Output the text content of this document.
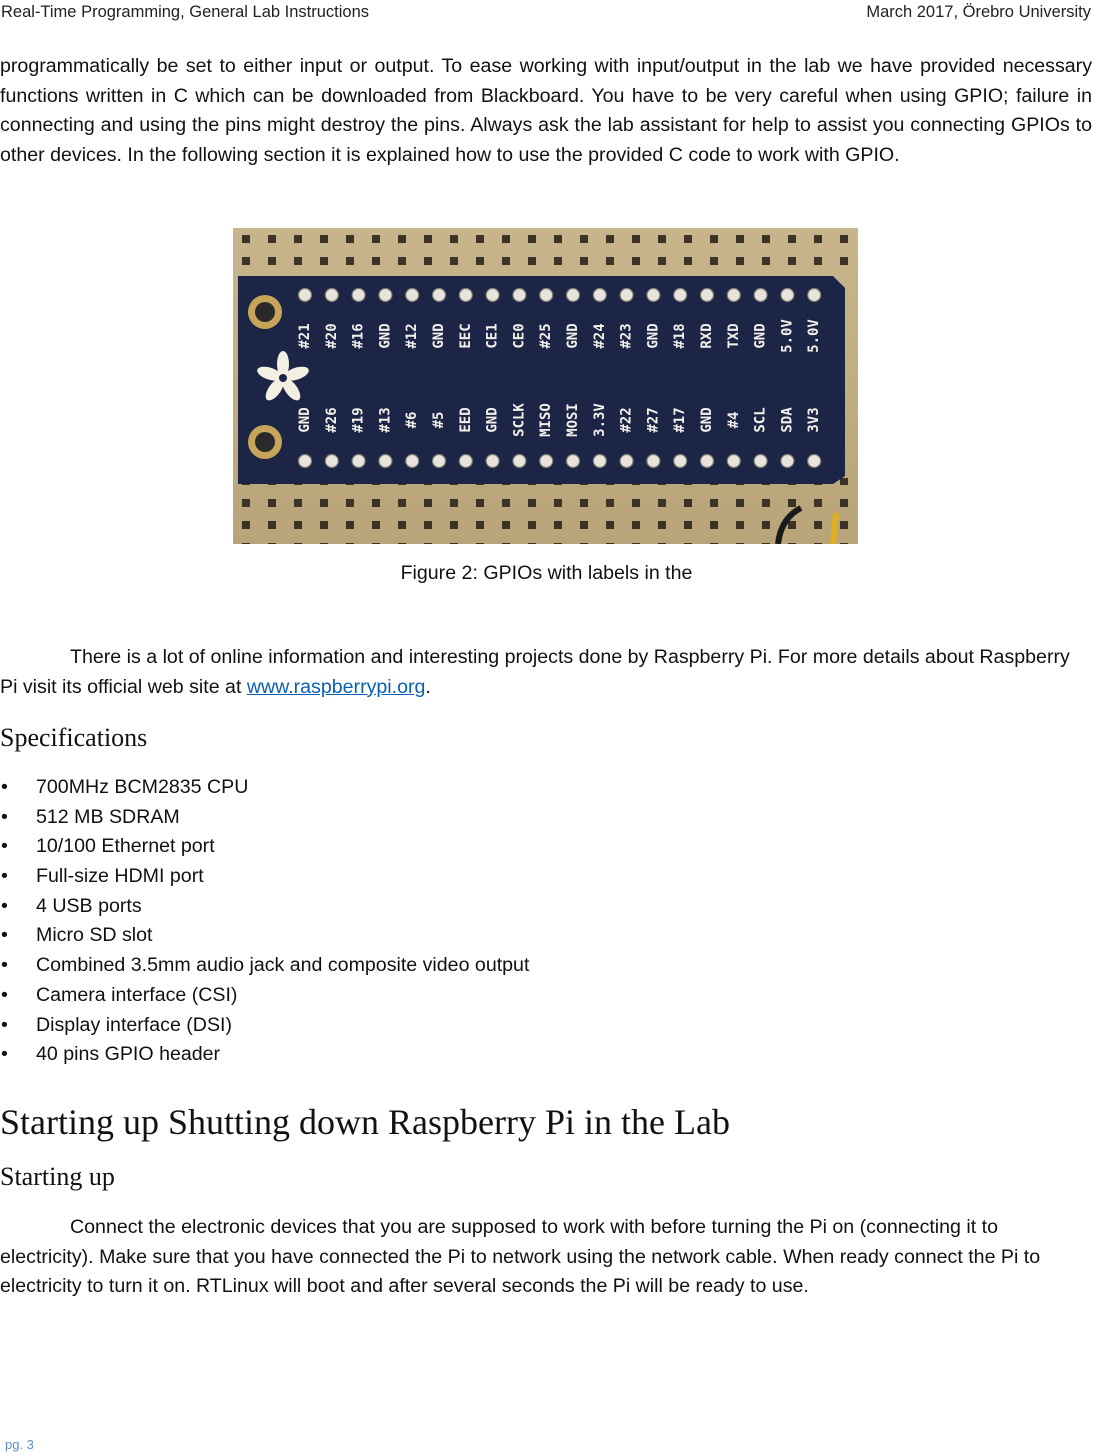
Real-Time Programming, General Lab Instructions	March 2017, Örebro University

programmatically be set to either input or output. To ease working with input/output in the lab we have provided necessary functions written in C which can be downloaded from Blackboard. You have to be very careful when using GPIO; failure in connecting and using the pins might destroy the pins. Always ask the lab assistant for help to assist you connecting GPIOs to other devices. In the following section it is explained how to use the provided C code to work with GPIO.

#21 #20 #16 GND #12 GND EEC CE1 CE0 #25 GND #24 #23 GND #18 RXD TXD GND 5.0V 5.0V
GND #26 #19 #13 #6 #5 EED GND SCLK MISO MOSI 3.3V #22 #27 #17 GND #4 SCL SDA 3V3
Figure 2: GPIOs with labels in the

There is a lot of online information and interesting projects done by Raspberry Pi. For more details about Raspberry Pi visit its official web site at www.raspberrypi.org.

Specifications
• 700MHz BCM2835 CPU
• 512 MB SDRAM
• 10/100 Ethernet port
• Full-size HDMI port
• 4 USB ports
• Micro SD slot
• Combined 3.5mm audio jack and composite video output
• Camera interface (CSI)
• Display interface (DSI)
• 40 pins GPIO header
Starting up Shutting down Raspberry Pi in the Lab
Starting up

Connect the electronic devices that you are supposed to work with before turning the Pi on (connecting it to electricity). Make sure that you have connected the Pi to network using the network cable. When ready connect the Pi to electricity to turn it on. RTLinux will boot and after several seconds the Pi will be ready to use.

pg. 3
